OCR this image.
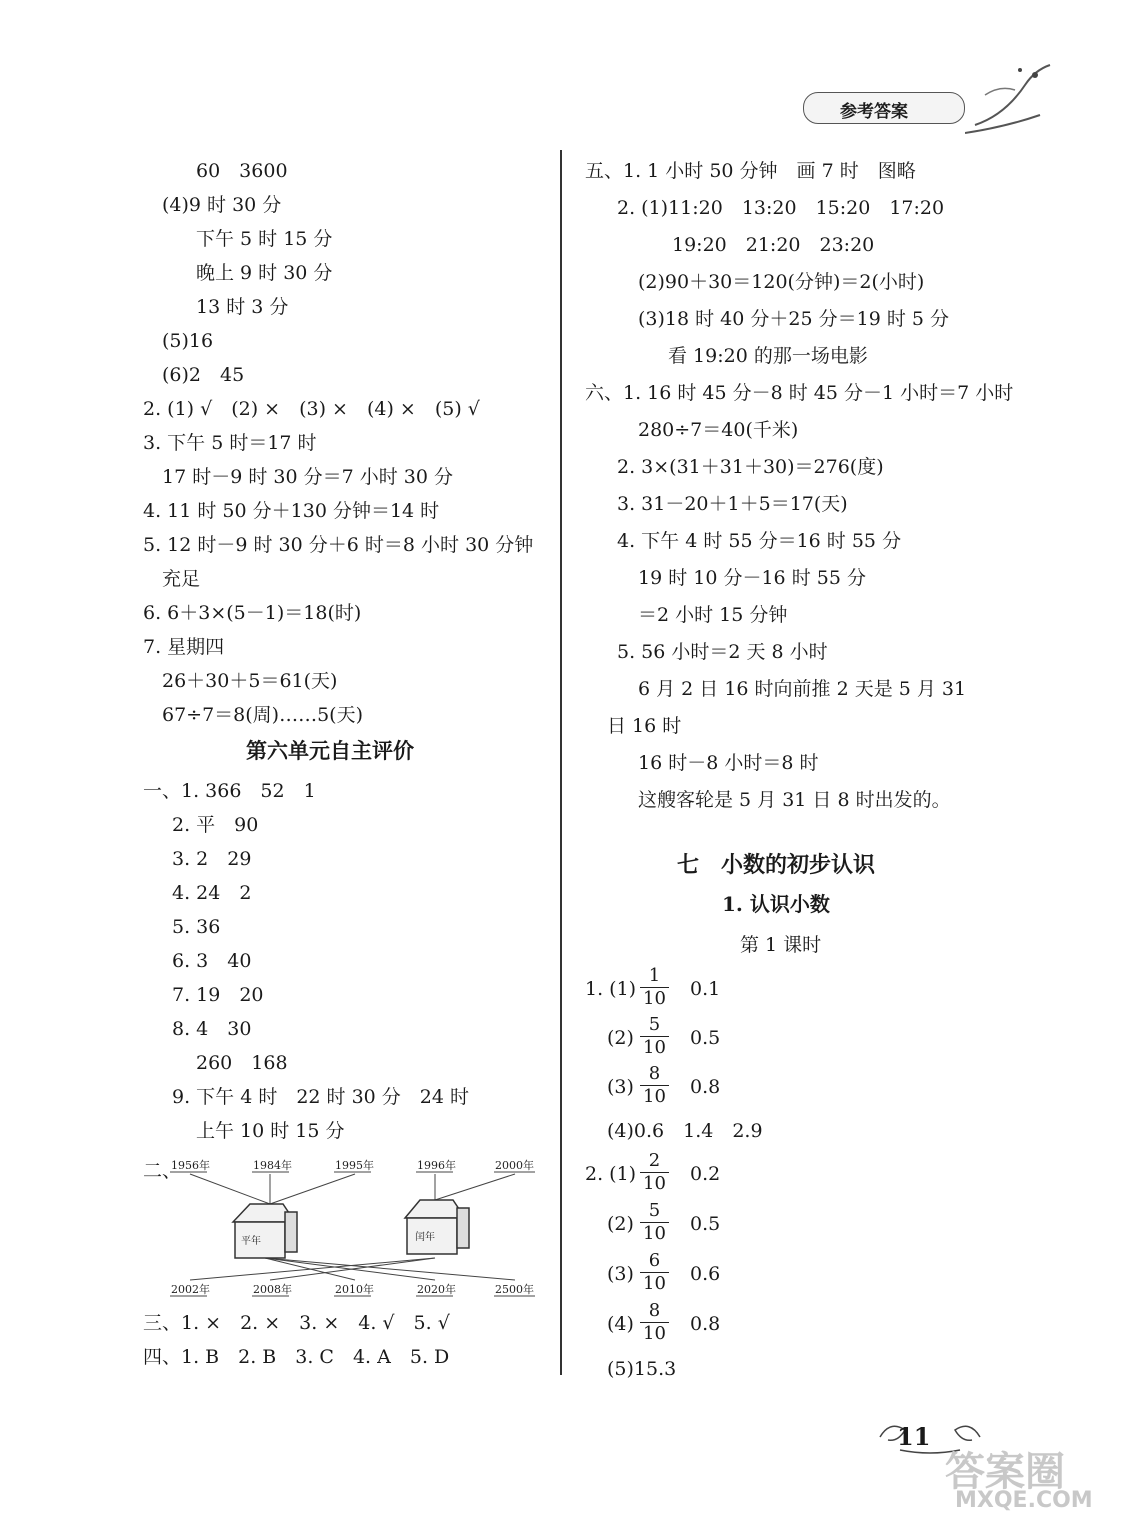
参考答案
60　3600
(4)9 时 30 分
下午 5 时 15 分
晚上 9 时 30 分
13 时 3 分
(5)16
(6)2　45
2. (1) √　(2) ×　(3) ×　(4) ×　(5) √
3. 下午 5 时＝17 时
17 时－9 时 30 分＝7 小时 30 分
4. 11 时 50 分＋130 分钟＝14 时
5. 12 时－9 时 30 分＋6 时＝8 小时 30 分钟
充足
6. 6＋3×(5－1)＝18(时)
7. 星期四
26＋30＋5＝61(天)
67÷7＝8(周)……5(天)
第六单元自主评价
一、1. 366　52　1
2. 平　90
3. 2　29
4. 24　2
5. 36
6. 3　40
7. 19　20
8. 4　30
260　168
9. 下午 4 时　22 时 30 分　24 时
上午 10 时 15 分
二、
1956年	1984年	1995年	1996年	2000年
2002年	2008年	2010年	2020年	2500年
平年	闰年
三、1. ×　2. ×　3. ×　4. √　5. √
四、1. B　2. B　3. C　4. A　5. D
五、1. 1 小时 50 分钟　画 7 时　图略
2. (1)11:20　13:20　15:20　17:20
19:20　21:20　23:20
(2)90＋30＝120(分钟)＝2(小时)
(3)18 时 40 分＋25 分＝19 时 5 分
看 19:20 的那一场电影
六、1. 16 时 45 分－8 时 45 分－1 小时＝7 小时
280÷7＝40(千米)
2. 3×(31＋31＋30)＝276(度)
3. 31－20＋1＋5＝17(天)
4. 下午 4 时 55 分＝16 时 55 分
19 时 10 分－16 时 55 分
＝2 小时 15 分钟
5. 56 小时＝2 天 8 小时
6 月 2 日 16 时向前推 2 天是 5 月 31
日 16 时
16 时－8 小时＝8 时
这艘客轮是 5 月 31 日 8 时出发的。
七　小数的初步认识
1. 认识小数
第 1 课时
1. $(1) \frac{1}{10} 0.1$
$(2) \frac{5}{10} 0.5$
$(3) \frac{8}{10} 0.8$
(4)0.6　1.4　2.9
2. $(1) \frac{2}{10} 0.2$
$(2) \frac{5}{10} 0.5$
$(3) \frac{6}{10} 0.6$
$(4) \frac{8}{10} 0.8$
(5)15.3
11
答案圈
MXQE.COM
